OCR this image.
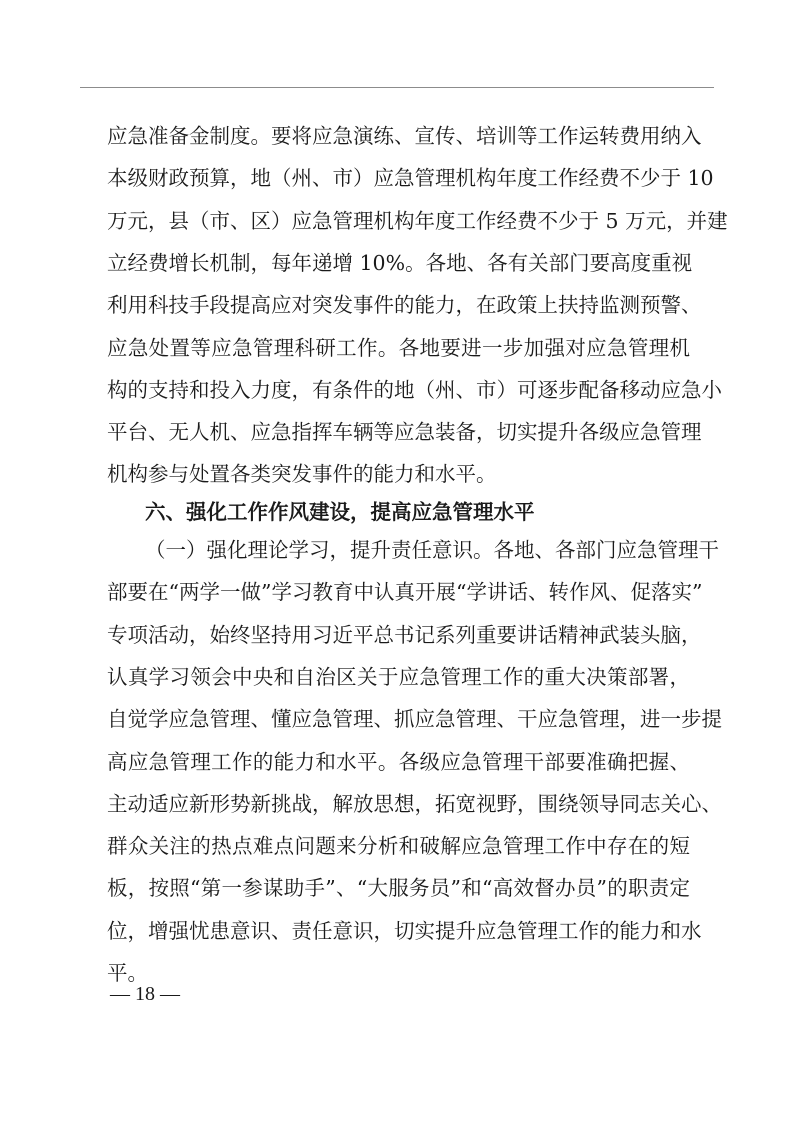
应急准备金制度。要将应急演练、宣传、培训等工作运转费用纳入
本级财政预算，地（州、市）应急管理机构年度工作经费不少于 10
万元，县（市、区）应急管理机构年度工作经费不少于 5 万元，并建
立经费增长机制，每年递增 10%。各地、各有关部门要高度重视
利用科技手段提高应对突发事件的能力，在政策上扶持监测预警、
应急处置等应急管理科研工作。各地要进一步加强对应急管理机
构的支持和投入力度，有条件的地（州、市）可逐步配备移动应急小
平台、无人机、应急指挥车辆等应急装备，切实提升各级应急管理
机构参与处置各类突发事件的能力和水平。
六、强化工作作风建设，提高应急管理水平
（一）强化理论学习，提升责任意识。各地、各部门应急管理干
部要在“两学一做”学习教育中认真开展“学讲话、转作风、促落实”
专项活动，始终坚持用习近平总书记系列重要讲话精神武装头脑，
认真学习领会中央和自治区关于应急管理工作的重大决策部署，
自觉学应急管理、懂应急管理、抓应急管理、干应急管理，进一步提
高应急管理工作的能力和水平。各级应急管理干部要准确把握、
主动适应新形势新挑战，解放思想，拓宽视野，围绕领导同志关心、
群众关注的热点难点问题来分析和破解应急管理工作中存在的短
板，按照“第一参谋助手”、“大服务员”和“高效督办员”的职责定
位，增强忧患意识、责任意识，切实提升应急管理工作的能力和水
平。
— 18 —
